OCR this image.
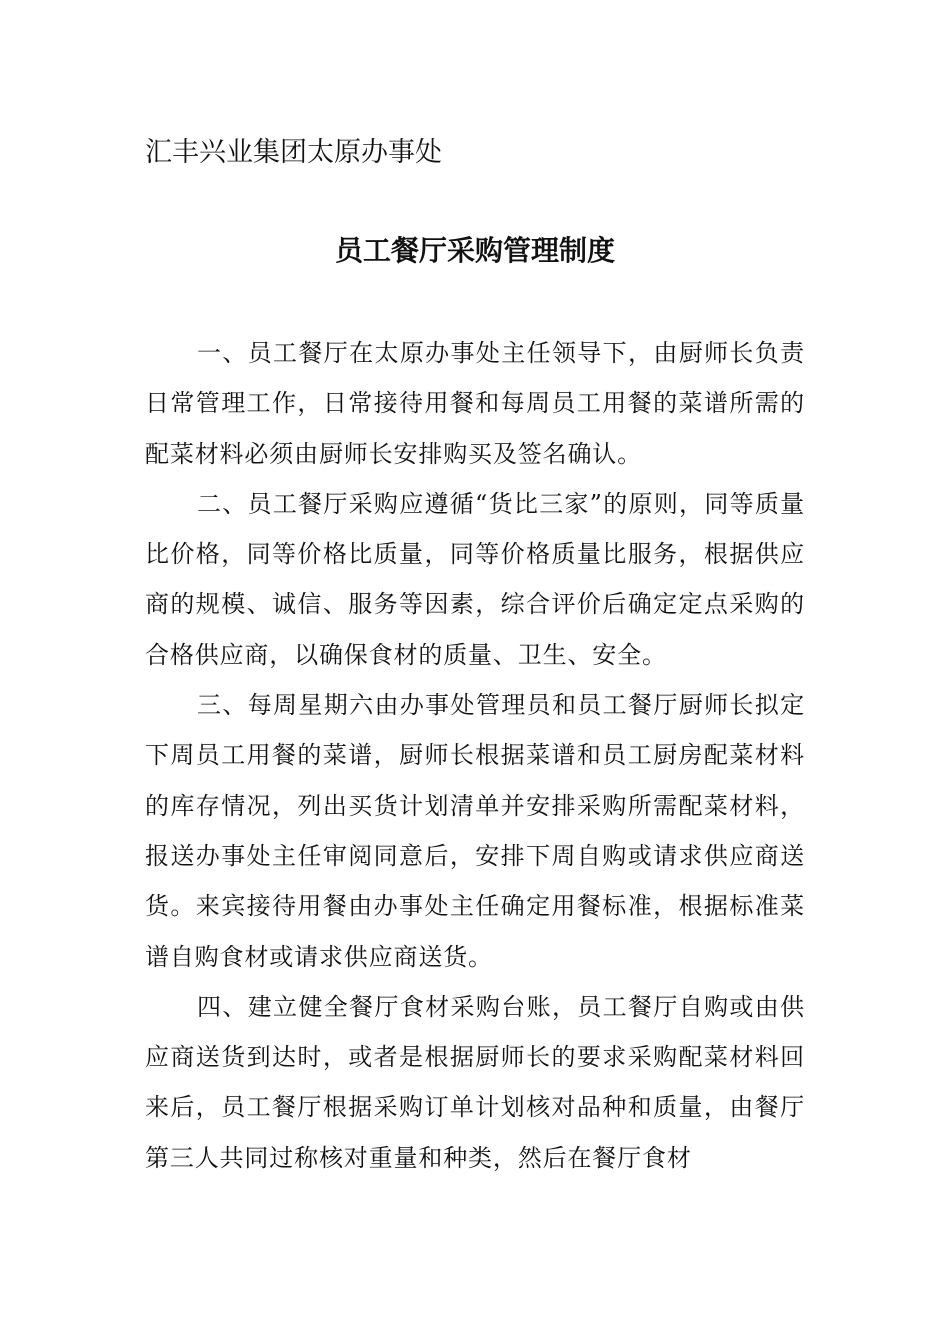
汇丰兴业集团太原办事处
员工餐厅采购管理制度

一、员工餐厅在太原办事处主任领导下，由厨师长负责日常管理工作，日常接待用餐和每周员工用餐的菜谱所需的配菜材料必须由厨师长安排购买及签名确认。

二、员工餐厅采购应遵循“货比三家”的原则，同等质量比价格，同等价格比质量，同等价格质量比服务，根据供应商的规模、诚信、服务等因素，综合评价后确定定点采购的合格供应商，以确保食材的质量、卫生、安全。

三、每周星期六由办事处管理员和员工餐厅厨师长拟定下周员工用餐的菜谱，厨师长根据菜谱和员工厨房配菜材料的库存情况，列出买货计划清单并安排采购所需配菜材料，报送办事处主任审阅同意后，安排下周自购或请求供应商送货。来宾接待用餐由办事处主任确定用餐标准，根据标准菜谱自购食材或请求供应商送货。

四、建立健全餐厅食材采购台账，员工餐厅自购或由供应商送货到达时，或者是根据厨师长的要求采购配菜材料回来后，员工餐厅根据采购订单计划核对品种和质量，由餐厅第三人共同过称核对重量和种类，然后在餐厅食材
